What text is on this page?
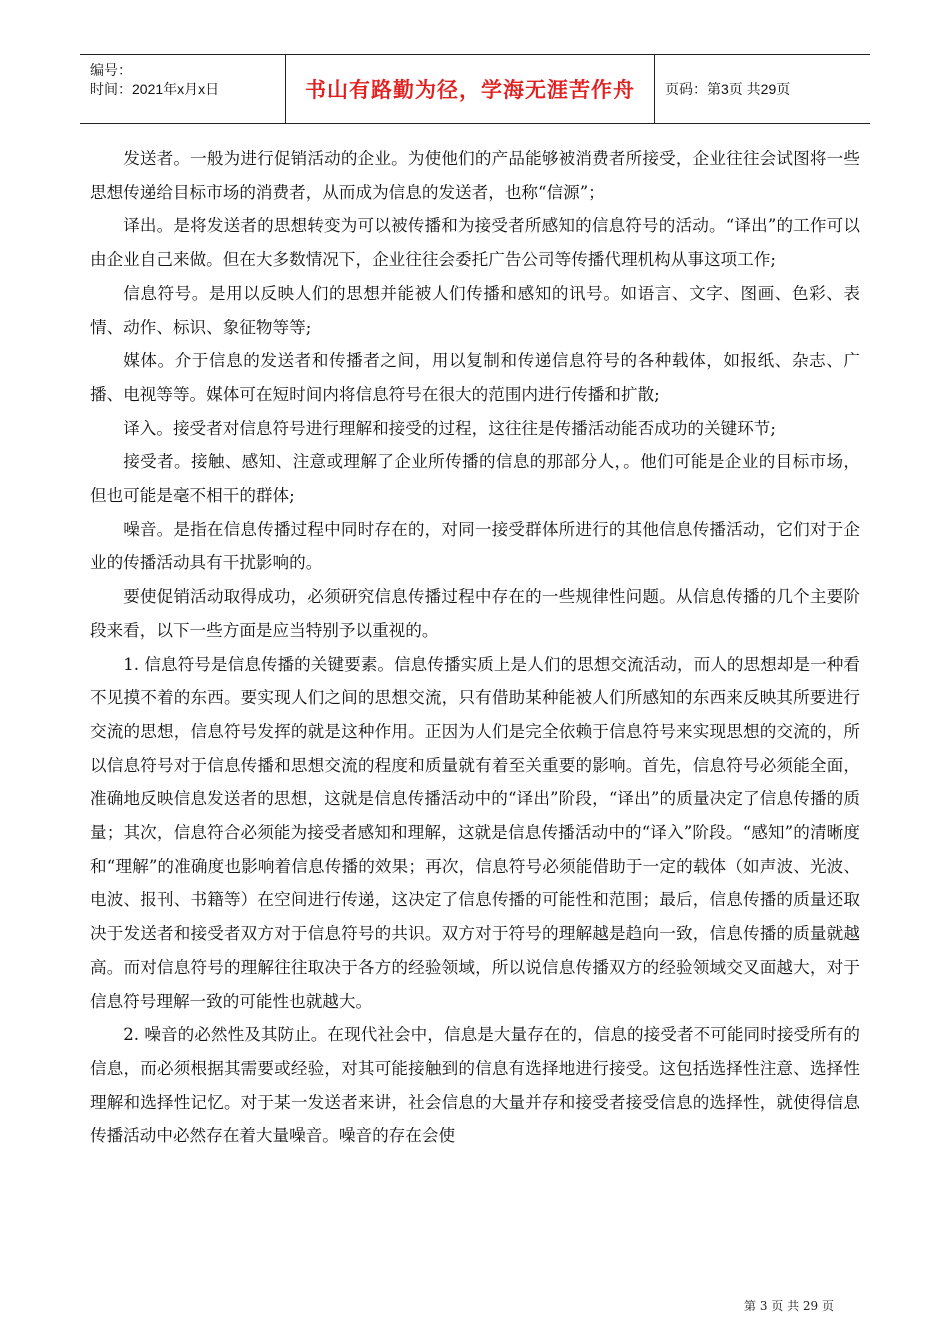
编号：
时间：2021年x月x日	书山有路勤为径，学海无涯苦作舟	页码：第3页 共29页

发送者。一般为进行促销活动的企业。为使他们的产品能够被消费者所接受，企业往往会试图将一些思想传递给目标市场的消费者，从而成为信息的发送者，也称“信源”；

译出。是将发送者的思想转变为可以被传播和为接受者所感知的信息符号的活动。“译出”的工作可以由企业自己来做。但在大多数情况下，企业往往会委托广告公司等传播代理机构从事这项工作;

信息符号。是用以反映人们的思想并能被人们传播和感知的讯号。如语言、文字、图画、色彩、表情、动作、标识、象征物等等;

媒体。介于信息的发送者和传播者之间，用以复制和传递信息符号的各种载体，如报纸、杂志、广播、电视等等。媒体可在短时间内将信息符号在很大的范围内进行传播和扩散;

译入。接受者对信息符号进行理解和接受的过程，这往往是传播活动能否成功的关键环节;

接受者。接触、感知、注意或理解了企业所传播的信息的那部分人，。他们可能是企业的目标市场，但也可能是毫不相干的群体;

噪音。是指在信息传播过程中同时存在的，对同一接受群体所进行的其他信息传播活动，它们对于企业的传播活动具有干扰影响的。

要使促销活动取得成功，必须研究信息传播过程中存在的一些规律性问题。从信息传播的几个主要阶段来看，以下一些方面是应当特别予以重视的。

1. 信息符号是信息传播的关键要素。信息传播实质上是人们的思想交流活动，而人的思想却是一种看不见摸不着的东西。要实现人们之间的思想交流，只有借助某种能被人们所感知的东西来反映其所要进行交流的思想，信息符号发挥的就是这种作用。正因为人们是完全依赖于信息符号来实现思想的交流的，所以信息符号对于信息传播和思想交流的程度和质量就有着至关重要的影响。首先，信息符号必须能全面，准确地反映信息发送者的思想，这就是信息传播活动中的“译出”阶段，“译出”的质量决定了信息传播的质量；其次，信息符合必须能为接受者感知和理解，这就是信息传播活动中的“译入”阶段。“感知”的清晰度和“理解”的准确度也影响着信息传播的效果；再次，信息符号必须能借助于一定的载体（如声波、光波、电波、报刊、书籍等）在空间进行传递，这决定了信息传播的可能性和范围；最后，信息传播的质量还取决于发送者和接受者双方对于信息符号的共识。双方对于符号的理解越是趋向一致，信息传播的质量就越高。而对信息符号的理解往往取决于各方的经验领域，所以说信息传播双方的经验领域交叉面越大，对于信息符号理解一致的可能性也就越大。

2. 噪音的必然性及其防止。在现代社会中，信息是大量存在的，信息的接受者不可能同时接受所有的信息，而必须根据其需要或经验，对其可能接触到的信息有选择地进行接受。这包括选择性注意、选择性理解和选择性记忆。对于某一发送者来讲，社会信息的大量并存和接受者接受信息的选择性，就使得信息传播活动中必然存在着大量噪音。噪音的存在会使

第 3 页 共 29 页
